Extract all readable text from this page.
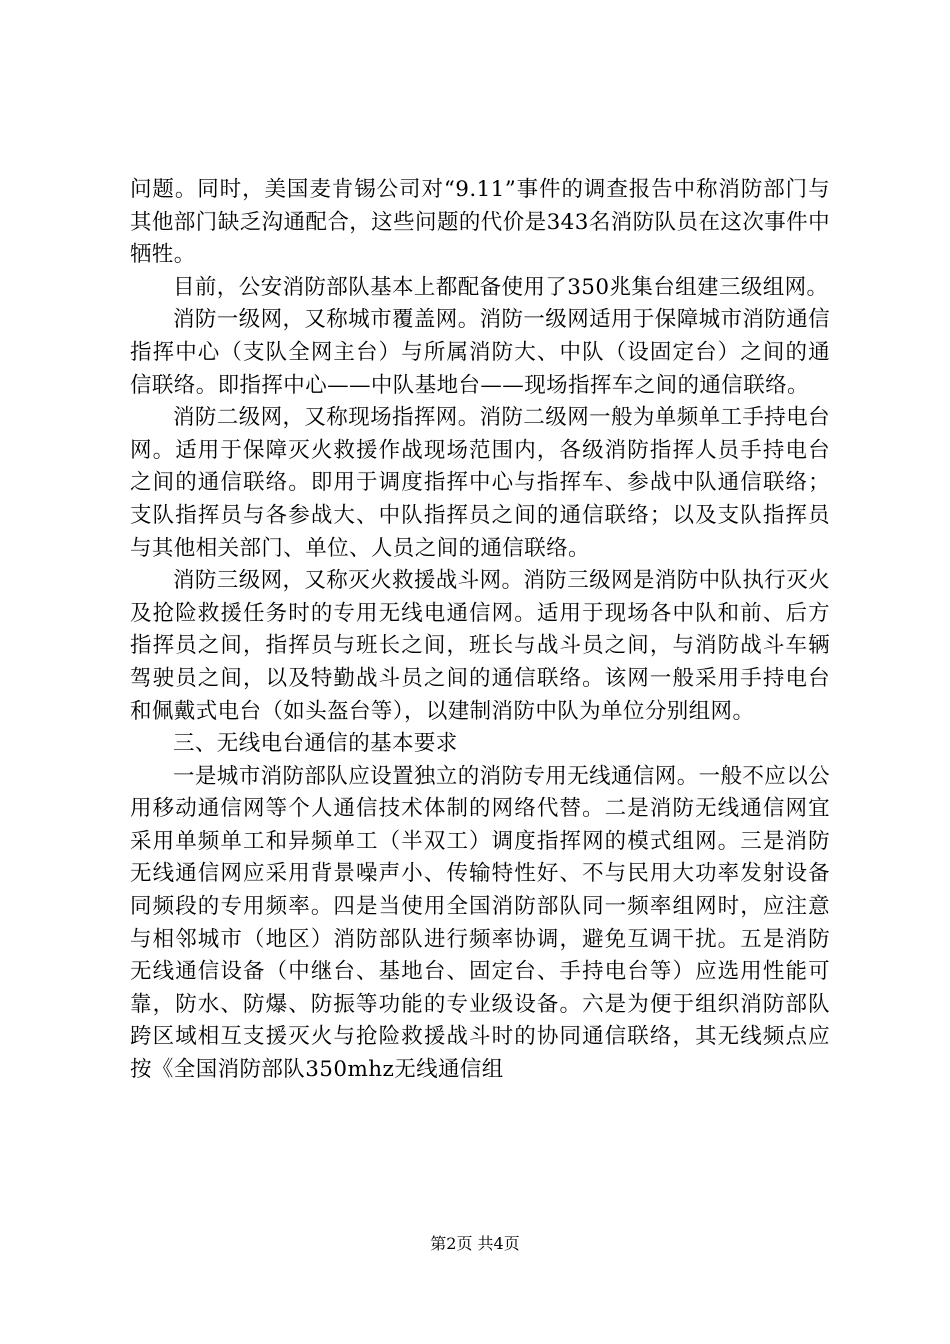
问题。同时，美国麦肯锡公司对“9.11”事件的调查报告中称消防部门与其他部门缺乏沟通配合，这些问题的代价是343名消防队员在这次事件中牺牲。

目前，公安消防部队基本上都配备使用了350兆集台组建三级组网。

消防一级网，又称城市覆盖网。消防一级网适用于保障城市消防通信指挥中心（支队全网主台）与所属消防大、中队（设固定台）之间的通信联络。即指挥中心——中队基地台——现场指挥车之间的通信联络。

消防二级网，又称现场指挥网。消防二级网一般为单频单工手持电台网。适用于保障灭火救援作战现场范围内，各级消防指挥人员手持电台之间的通信联络。即用于调度指挥中心与指挥车、参战中队通信联络；支队指挥员与各参战大、中队指挥员之间的通信联络；以及支队指挥员与其他相关部门、单位、人员之间的通信联络。

消防三级网，又称灭火救援战斗网。消防三级网是消防中队执行灭火及抢险救援任务时的专用无线电通信网。适用于现场各中队和前、后方指挥员之间，指挥员与班长之间，班长与战斗员之间，与消防战斗车辆驾驶员之间，以及特勤战斗员之间的通信联络。该网一般采用手持电台和佩戴式电台（如头盔台等），以建制消防中队为单位分别组网。

三、无线电台通信的基本要求

一是城市消防部队应设置独立的消防专用无线通信网。一般不应以公用移动通信网等个人通信技术体制的网络代替。二是消防无线通信网宜采用单频单工和异频单工（半双工）调度指挥网的模式组网。三是消防无线通信网应采用背景噪声小、传输特性好、不与民用大功率发射设备同频段的专用频率。四是当使用全国消防部队同一频率组网时，应注意与相邻城市（地区）消防部队进行频率协调，避免互调干扰。五是消防无线通信设备（中继台、基地台、固定台、手持电台等）应选用性能可靠，防水、防爆、防振等功能的专业级设备。六是为便于组织消防部队跨区域相互支援灭火与抢险救援战斗时的协同通信联络，其无线频点应按《全国消防部队350mhz无线通信组

第2页 共4页
